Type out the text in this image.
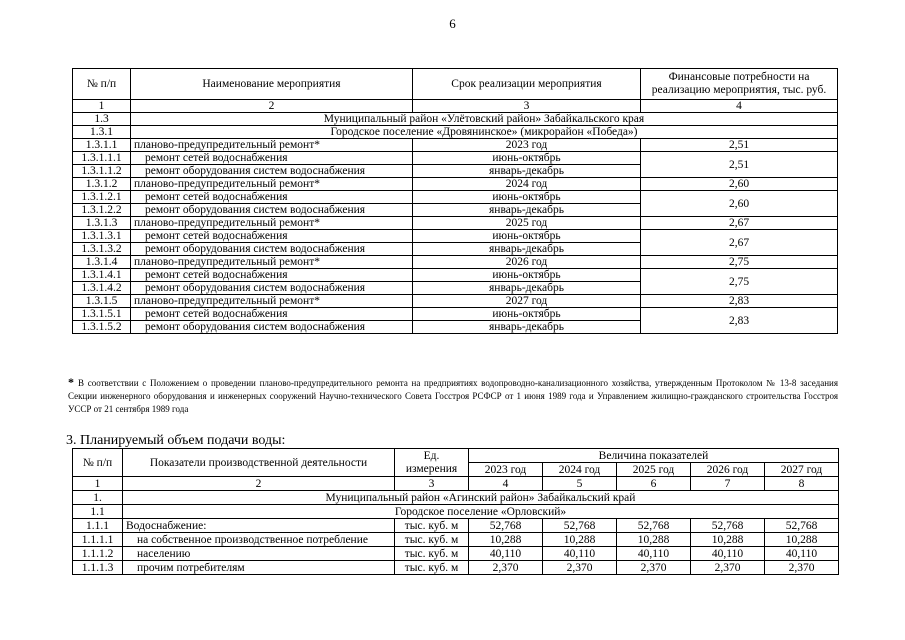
6
№ п/п	Наименование мероприятия	Срок реализации мероприятия	Финансовые потребности на реализацию мероприятия, тыс. руб.
1	2	3	4
1.3	Муниципальный район «Улётовский район» Забайкальского края		
1.3.1	Городское поселение «Дровянинское» (микрорайон «Победа»)		
1.3.1.1	планово-предупредительный ремонт*	2023 год	2,51
1.3.1.1.1	ремонт сетей водоснабжения	июнь-октябрь	2,51
1.3.1.1.2	ремонт оборудования систем водоснабжения	январь-декабрь	
1.3.1.2	планово-предупредительный ремонт*	2024 год	2,60
1.3.1.2.1	ремонт сетей водоснабжения	июнь-октябрь	2,60
1.3.1.2.2	ремонт оборудования систем водоснабжения	январь-декабрь	
1.3.1.3	планово-предупредительный ремонт*	2025 год	2,67
1.3.1.3.1	ремонт сетей водоснабжения	июнь-октябрь	2,67
1.3.1.3.2	ремонт оборудования систем водоснабжения	январь-декабрь	
1.3.1.4	планово-предупредительный ремонт*	2026 год	2,75
1.3.1.4.1	ремонт сетей водоснабжения	июнь-октябрь	2,75
1.3.1.4.2	ремонт оборудования систем водоснабжения	январь-декабрь	
1.3.1.5	планово-предупредительный ремонт*	2027 год	2,83
1.3.1.5.1	ремонт сетей водоснабжения	июнь-октябрь	2,83
1.3.1.5.2	ремонт оборудования систем водоснабжения	январь-декабрь	
* В соответствии с Положением о проведении планово-предупредительного ремонта на предприятиях водопроводно-канализационного хозяйства, утвержденным Протоколом № 13-8 заседания Секции инженерного оборудования и инженерных сооружений Научно-технического Совета Госстроя РСФСР от 1 июня 1989 года и Управлением жилищно-гражданского строительства Госстроя УССР от 21 сентября 1989 года
3. Планируемый объем подачи воды:
№ п/п	Показатели производственной деятельности	Ед. измерения	Величина показателей				
			2023 год	2024 год	2025 год	2026 год	2027 год
1	2	3	4	5	6	7	8
1.	Муниципальный район «Агинский район» Забайкальский край						
1.1	Городское поселение «Орловский»						
1.1.1	Водоснабжение:	тыс. куб. м	52,768	52,768	52,768	52,768	52,768
1.1.1.1	на собственное производственное потребление	тыс. куб. м	10,288	10,288	10,288	10,288	10,288
1.1.1.2	населению	тыс. куб. м	40,110	40,110	40,110	40,110	40,110
1.1.1.3	прочим потребителям	тыс. куб. м	2,370	2,370	2,370	2,370	2,370
